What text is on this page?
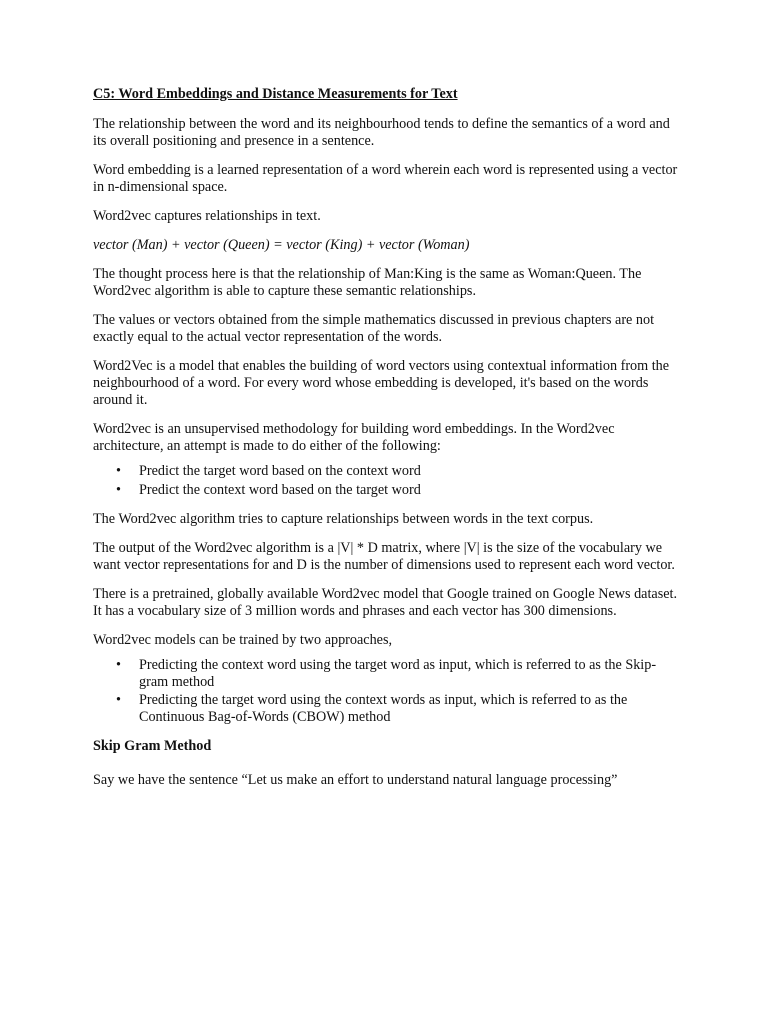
C5: Word Embeddings and Distance Measurements for Text
The relationship between the word and its neighbourhood tends to define the semantics of a word and its overall positioning and presence in a sentence.
Word embedding is a learned representation of a word wherein each word is represented using a vector in n-dimensional space.
Word2vec captures relationships in text.
vector (Man) + vector (Queen) = vector (King) + vector (Woman)
The thought process here is that the relationship of Man:King is the same as Woman:Queen. The Word2vec algorithm is able to capture these semantic relationships.
The values or vectors obtained from the simple mathematics discussed in previous chapters are not exactly equal to the actual vector representation of the words.
Word2Vec is a model that enables the building of word vectors using contextual information from the neighbourhood of a word. For every word whose embedding is developed, it's based on the words around it.
Word2vec is an unsupervised methodology for building word embeddings. In the Word2vec architecture, an attempt is made to do either of the following:
• Predict the target word based on the context word
• Predict the context word based on the target word
The Word2vec algorithm tries to capture relationships between words in the text corpus.
The output of the Word2vec algorithm is a |V| * D matrix, where |V| is the size of the vocabulary we want vector representations for and D is the number of dimensions used to represent each word vector.
There is a pretrained, globally available Word2vec model that Google trained on Google News dataset. It has a vocabulary size of 3 million words and phrases and each vector has 300 dimensions.
Word2vec models can be trained by two approaches,
• Predicting the context word using the target word as input, which is referred to as the Skip-gram method
• Predicting the target word using the context words as input, which is referred to as the Continuous Bag-of-Words (CBOW) method
Skip Gram Method
Say we have the sentence “Let us make an effort to understand natural language processing”
